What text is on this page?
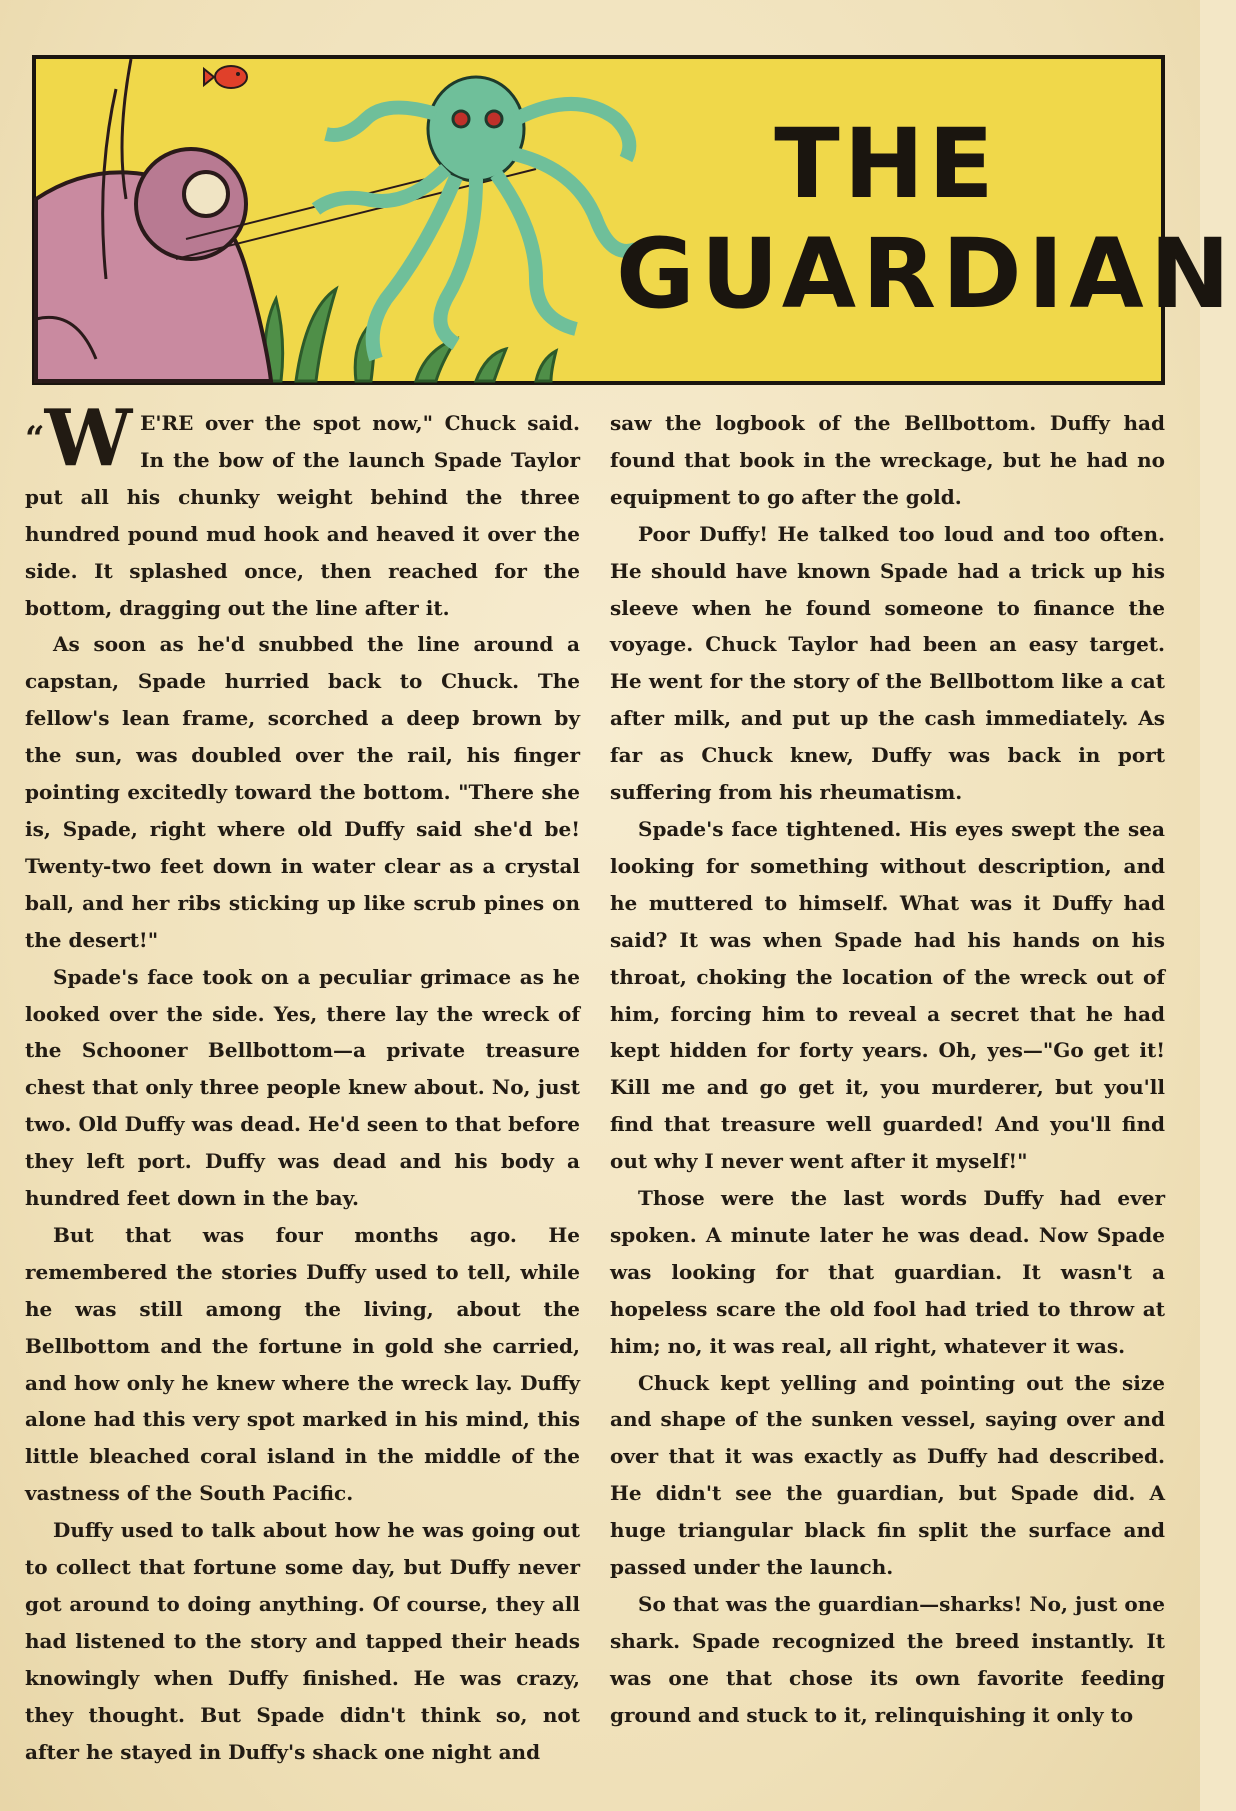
THE
GUARDIAN

“W E'RE over the spot now," Chuck said. In the bow of the launch Spade Taylor put all his chunky weight behind the three hundred pound mud hook and heaved it over the side. It splashed once, then reached for the bottom, dragging out the line after it.

As soon as he'd snubbed the line around a capstan, Spade hurried back to Chuck. The fellow's lean frame, scorched a deep brown by the sun, was doubled over the rail, his finger pointing excitedly toward the bottom. "There she is, Spade, right where old Duffy said she'd be! Twenty-two feet down in water clear as a crystal ball, and her ribs sticking up like scrub pines on the desert!"

Spade's face took on a peculiar grimace as he looked over the side. Yes, there lay the wreck of the Schooner Bellbottom—a private treasure chest that only three people knew about. No, just two. Old Duffy was dead. He'd seen to that before they left port. Duffy was dead and his body a hundred feet down in the bay.

But that was four months ago. He remembered the stories Duffy used to tell, while he was still among the living, about the Bellbottom and the fortune in gold she carried, and how only he knew where the wreck lay. Duffy alone had this very spot marked in his mind, this little bleached coral island in the middle of the vastness of the South Pacific.

Duffy used to talk about how he was going out to collect that fortune some day, but Duffy never got around to doing anything. Of course, they all had listened to the story and tapped their heads knowingly when Duffy finished. He was crazy, they thought. But Spade didn't think so, not after he stayed in Duffy's shack one night and

saw the logbook of the Bellbottom. Duffy had found that book in the wreckage, but he had no equipment to go after the gold.

Poor Duffy! He talked too loud and too often. He should have known Spade had a trick up his sleeve when he found someone to finance the voyage. Chuck Taylor had been an easy target. He went for the story of the Bellbottom like a cat after milk, and put up the cash immediately. As far as Chuck knew, Duffy was back in port suffering from his rheumatism.

Spade's face tightened. His eyes swept the sea looking for something without description, and he muttered to himself. What was it Duffy had said? It was when Spade had his hands on his throat, choking the location of the wreck out of him, forcing him to reveal a secret that he had kept hidden for forty years. Oh, yes—"Go get it! Kill me and go get it, you murderer, but you'll find that treasure well guarded! And you'll find out why I never went after it myself!"

Those were the last words Duffy had ever spoken. A minute later he was dead. Now Spade was looking for that guardian. It wasn't a hopeless scare the old fool had tried to throw at him; no, it was real, all right, whatever it was.

Chuck kept yelling and pointing out the size and shape of the sunken vessel, saying over and over that it was exactly as Duffy had described. He didn't see the guardian, but Spade did. A huge triangular black fin split the surface and passed under the launch.

So that was the guardian—sharks! No, just one shark. Spade recognized the breed instantly. It was one that chose its own favorite feeding ground and stuck to it, relinquishing it only to
